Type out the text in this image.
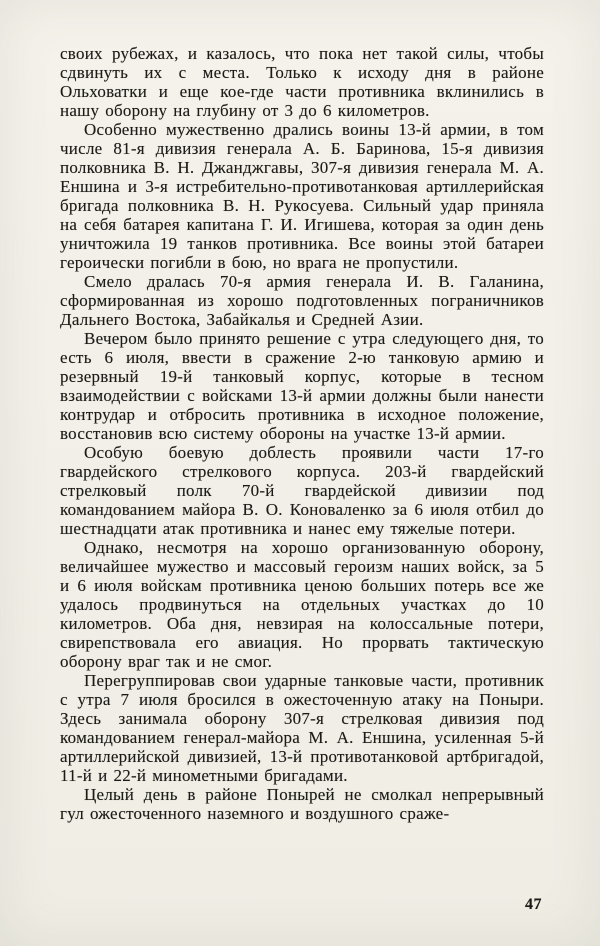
своих рубежах, и казалось, что пока нет такой силы, чтобы сдвинуть их с места. Только к исходу дня в районе Ольховатки и еще кое-где части противника вклинились в нашу оборону на глубину от 3 до 6 километров.

Особенно мужественно дрались воины 13-й армии, в том числе 81-я дивизия генерала А. Б. Баринова, 15-я дивизия полковника В. Н. Джанджгавы, 307-я дивизия генерала М. А. Еншина и 3-я истребительно-противотанковая артиллерийская бригада полковника В. Н. Рукосуева. Сильный удар приняла на себя батарея капитана Г. И. Игишева, которая за один день уничтожила 19 танков противника. Все воины этой батареи героически погибли в бою, но врага не пропустили.

Смело дралась 70-я армия генерала И. В. Галанина, сформированная из хорошо подготовленных пограничников Дальнего Востока, Забайкалья и Средней Азии.

Вечером было принято решение с утра следующего дня, то есть 6 июля, ввести в сражение 2-ю танковую армию и резервный 19-й танковый корпус, которые в тесном взаимодействии с войсками 13-й армии должны были нанести контрудар и отбросить противника в исходное положение, восстановив всю систему обороны на участке 13-й армии.

Особую боевую доблесть проявили части 17-го гвардейского стрелкового корпуса. 203-й гвардейский стрелковый полк 70-й гвардейской дивизии под командованием майора В. О. Коноваленко за 6 июля отбил до шестнадцати атак противника и нанес ему тяжелые потери.

Однако, несмотря на хорошо организованную оборону, величайшее мужество и массовый героизм наших войск, за 5 и 6 июля войскам противника ценою больших потерь все же удалось продвинуться на отдельных участках до 10 километров. Оба дня, невзирая на колоссальные потери, свирепствовала его авиация. Но прорвать тактическую оборону враг так и не смог.

Перегруппировав свои ударные танковые части, противник с утра 7 июля бросился в ожесточенную атаку на Поныри. Здесь занимала оборону 307-я стрелковая дивизия под командованием генерал-майора М. А. Еншина, усиленная 5-й артиллерийской дивизией, 13-й противотанковой артбригадой, 11-й и 22-й минометными бригадами.

Целый день в районе Понырей не смолкал непрерывный гул ожесточенного наземного и воздушного сраже-

47
